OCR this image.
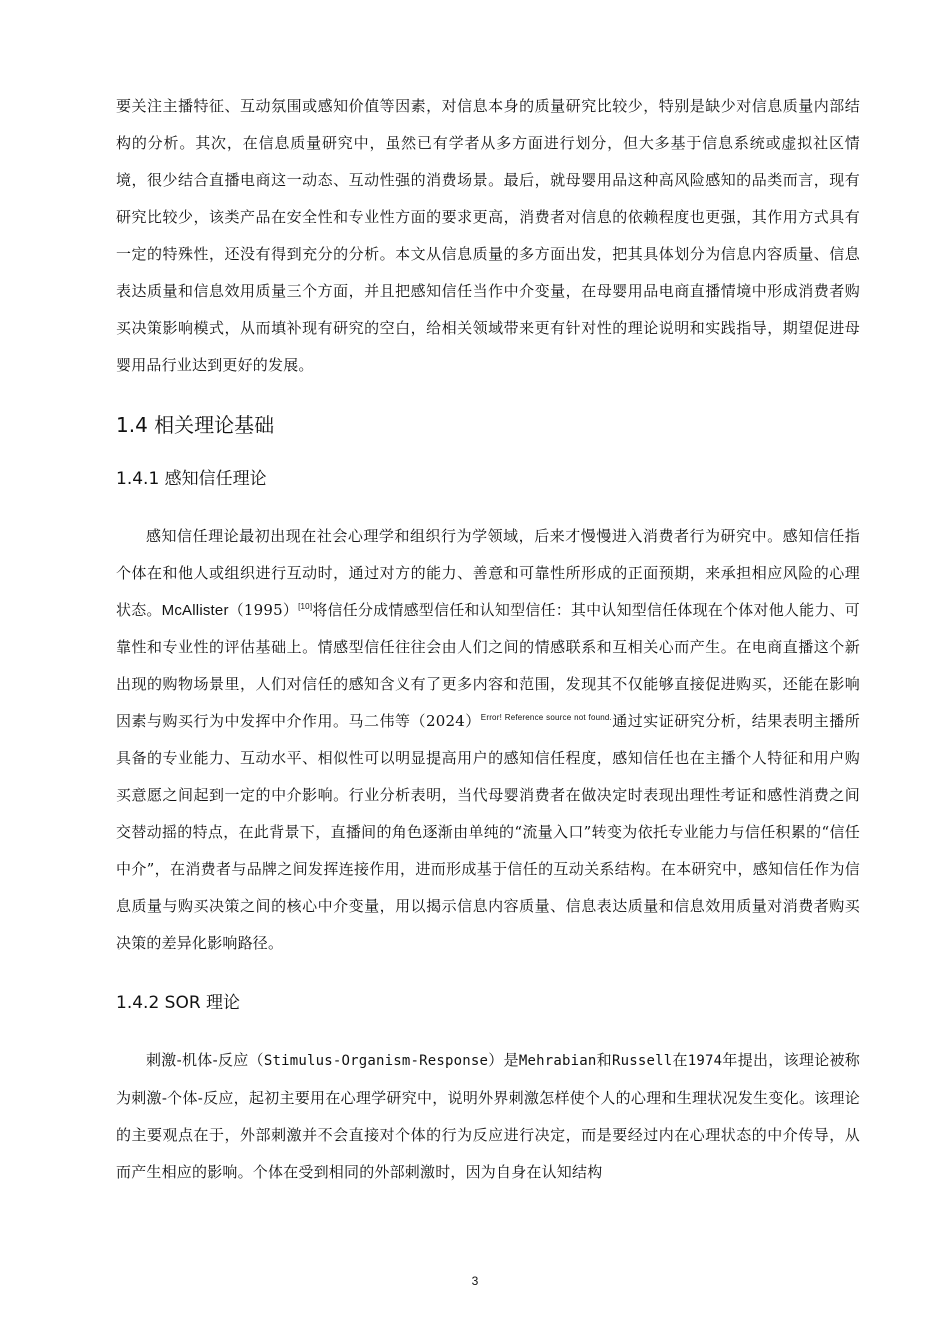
要关注主播特征、互动氛围或感知价值等因素，对信息本身的质量研究比较少，特别是缺少对信息质量内部结构的分析。其次，在信息质量研究中，虽然已有学者从多方面进行划分，但大多基于信息系统或虚拟社区情境，很少结合直播电商这一动态、互动性强的消费场景。最后，就母婴用品这种高风险感知的品类而言，现有研究比较少，该类产品在安全性和专业性方面的要求更高，消费者对信息的依赖程度也更强，其作用方式具有一定的特殊性，还没有得到充分的分析。本文从信息质量的多方面出发，把其具体划分为信息内容质量、信息表达质量和信息效用质量三个方面，并且把感知信任当作中介变量，在母婴用品电商直播情境中形成消费者购买决策影响模式，从而填补现有研究的空白，给相关领域带来更有针对性的理论说明和实践指导，期望促进母婴用品行业达到更好的发展。

1.4 相关理论基础
1.4.1 感知信任理论

感知信任理论最初出现在社会心理学和组织行为学领域，后来才慢慢进入消费者行为研究中。感知信任指个体在和他人或组织进行互动时，通过对方的能力、善意和可靠性所形成的正面预期，来承担相应风险的心理状态。McAllister（1995）[10]将信任分成情感型信任和认知型信任：其中认知型信任体现在个体对他人能力、可靠性和专业性的评估基础上。情感型信任往往会由人们之间的情感联系和互相关心而产生。在电商直播这个新出现的购物场景里，人们对信任的感知含义有了更多内容和范围，发现其不仅能够直接促进购买，还能在影响因素与购买行为中发挥中介作用。马二伟等$(2024)^{Error! Reference source not found.}$通过实证研究分析，结果表明主播所具备的专业能力、互动水平、相似性可以明显提高用户的感知信任程度，感知信任也在主播个人特征和用户购买意愿之间起到一定的中介影响。行业分析表明，当代母婴消费者在做决定时表现出理性考证和感性消费之间交替动摇的特点，在此背景下，直播间的角色逐渐由单纯的“流量入口”转变为依托专业能力与信任积累的“信任中介”，在消费者与品牌之间发挥连接作用，进而形成基于信任的互动关系结构。在本研究中，感知信任作为信息质量与购买决策之间的核心中介变量，用以揭示信息内容质量、信息表达质量和信息效用质量对消费者购买决策的差异化影响路径。

1.4.2 SOR 理论

刺激-机体-反应（Stimulus-Organism-Response）是Mehrabian和Russell在1974年提出，该理论被称为刺激-个体-反应，起初主要用在心理学研究中，说明外界刺激怎样使个人的心理和生理状况发生变化。该理论的主要观点在于，外部刺激并不会直接对个体的行为反应进行决定，而是要经过内在心理状态的中介传导，从而产生相应的影响。个体在受到相同的外部刺激时，因为自身在认知结构

3
